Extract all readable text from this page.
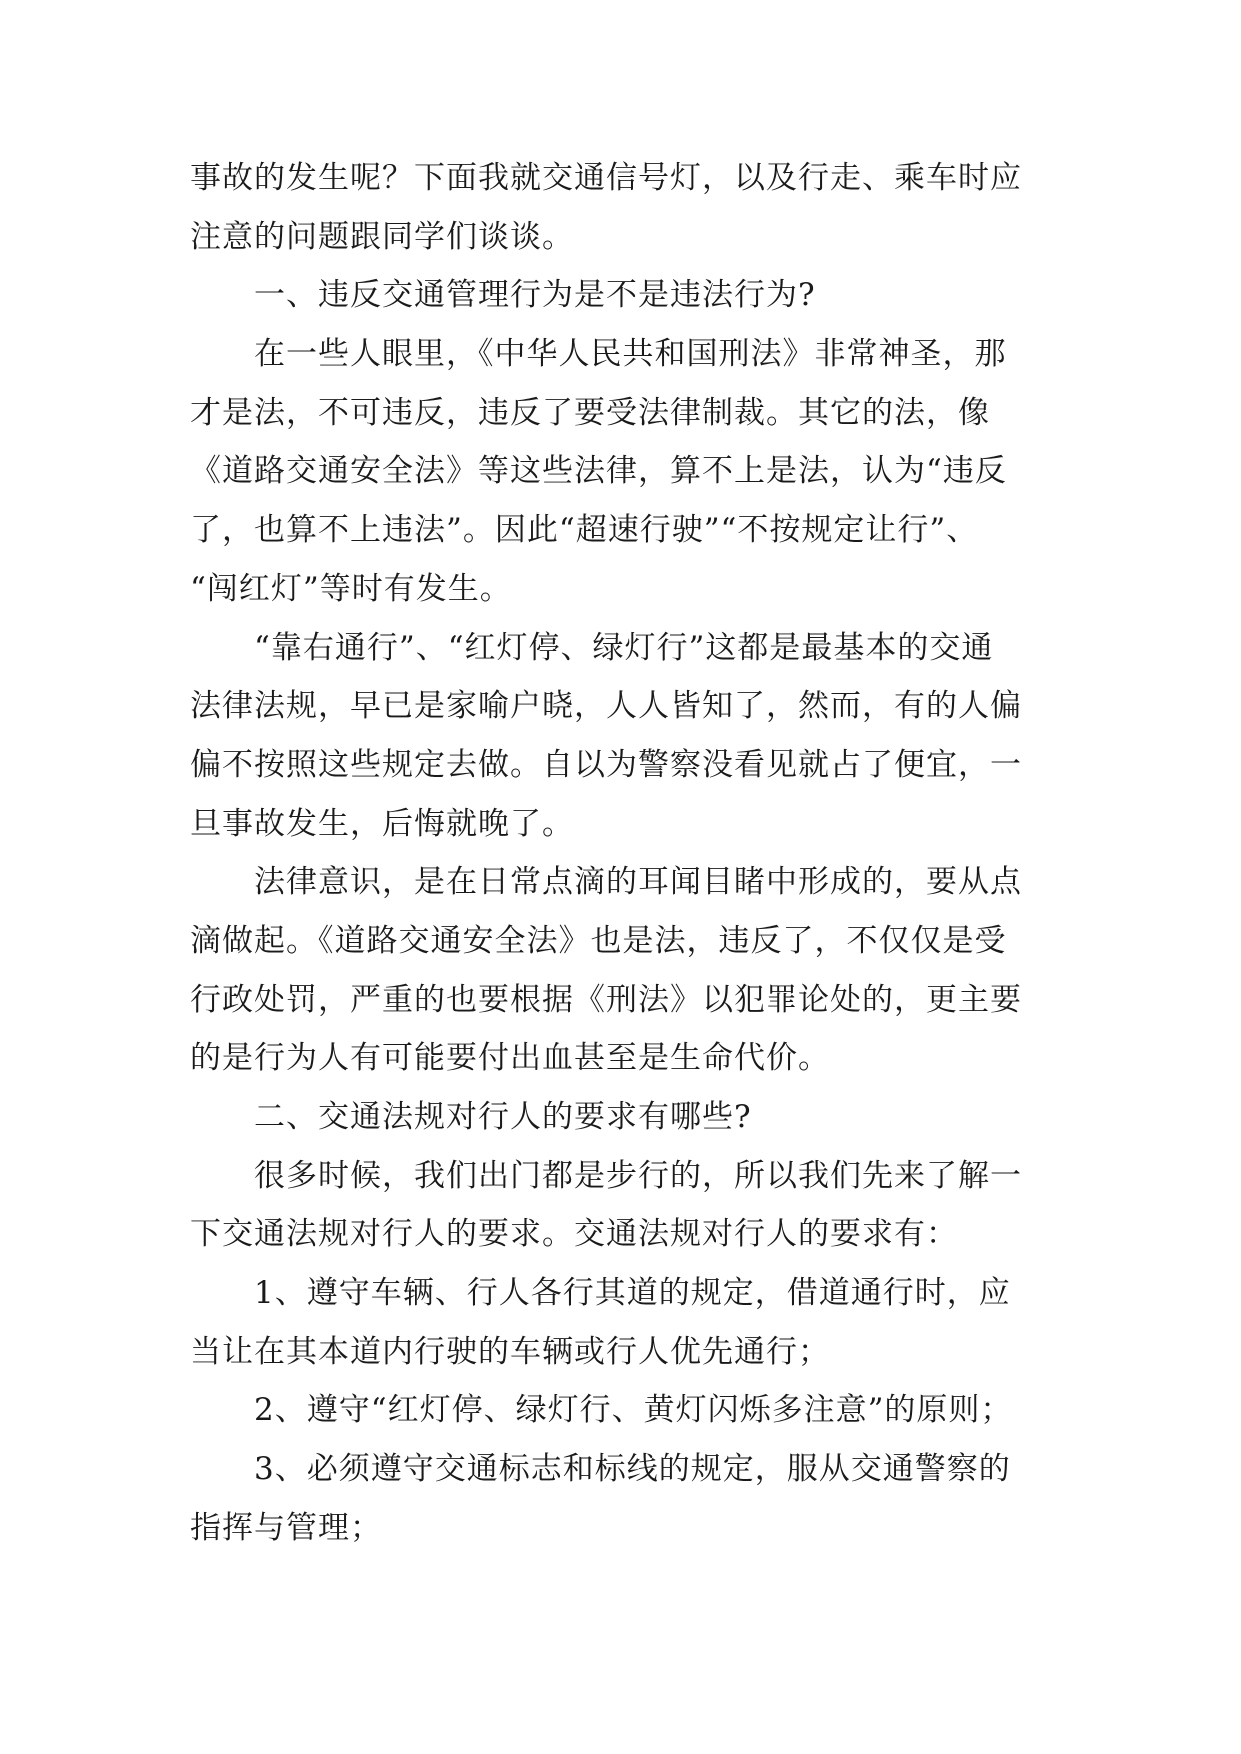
事故的发生呢？下面我就交通信号灯，以及行走、乘车时应
注意的问题跟同学们谈谈。
一、违反交通管理行为是不是违法行为?
在一些人眼里，《中华人民共和国刑法》非常神圣，那
才是法，不可违反，违反了要受法律制裁。其它的法，像
《道路交通安全法》等这些法律，算不上是法，认为“违反
了，也算不上违法”。因此“超速行驶”“不按规定让行”、
“闯红灯”等时有发生。
“靠右通行”、“红灯停、绿灯行”这都是最基本的交通
法律法规，早已是家喻户晓，人人皆知了，然而，有的人偏
偏不按照这些规定去做。自以为警察没看见就占了便宜，一
旦事故发生，后悔就晚了。
法律意识，是在日常点滴的耳闻目睹中形成的，要从点
滴做起。《道路交通安全法》也是法，违反了，不仅仅是受
行政处罚，严重的也要根据《刑法》以犯罪论处的，更主要
的是行为人有可能要付出血甚至是生命代价。
二、交通法规对行人的要求有哪些?
很多时候，我们出门都是步行的，所以我们先来了解一
下交通法规对行人的要求。交通法规对行人的要求有：
1、遵守车辆、行人各行其道的规定，借道通行时，应
当让在其本道内行驶的车辆或行人优先通行；
2、遵守“红灯停、绿灯行、黄灯闪烁多注意”的原则；
3、必须遵守交通标志和标线的规定，服从交通警察的
指挥与管理；
